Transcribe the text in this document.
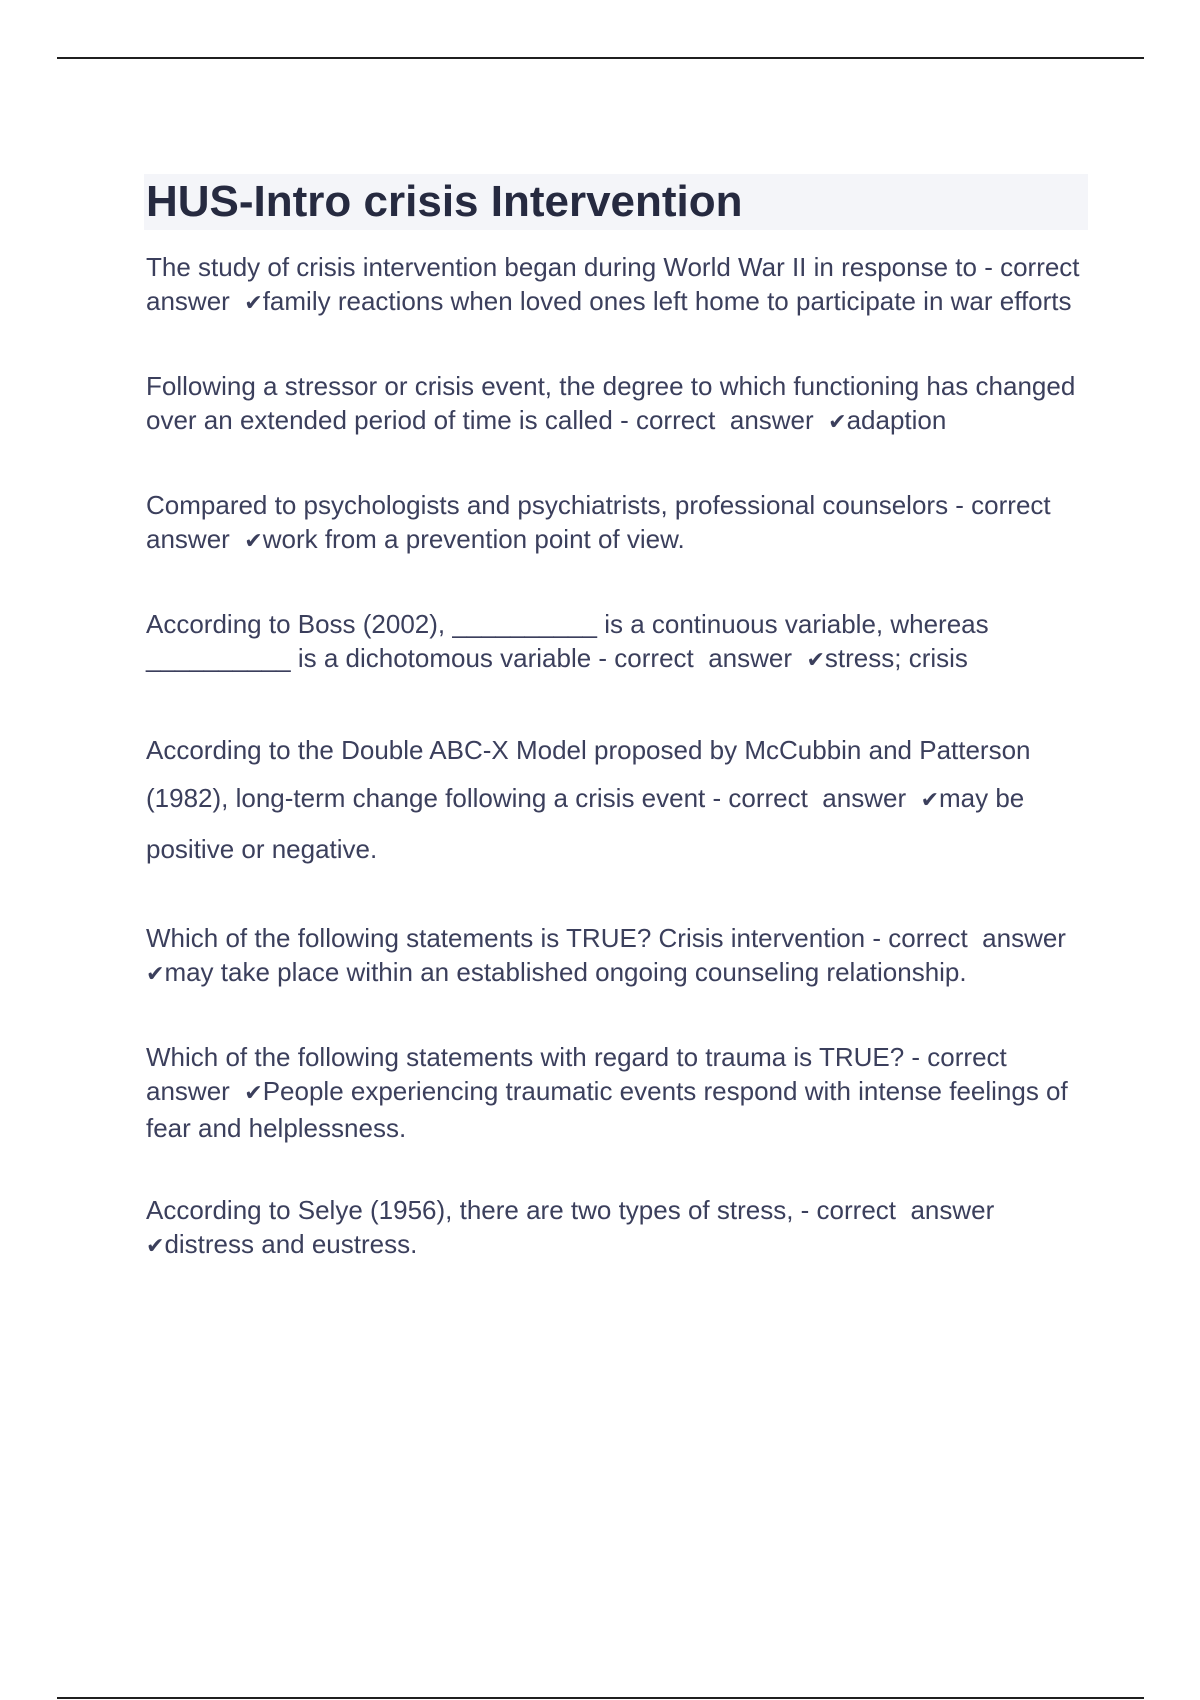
HUS-Intro crisis Intervention
The study of crisis intervention began during World War II in response to - correct  answer  ✔family reactions when loved ones left home to participate in war efforts
Following a stressor or crisis event, the degree to which functioning has changed over an extended period of time is called - correct  answer  ✔adaption
Compared to psychologists and psychiatrists, professional counselors - correct  answer  ✔work from a prevention point of view.
According to Boss (2002), __________ is a continuous variable, whereas __________ is a dichotomous variable - correct  answer  ✔stress; crisis
According to the Double ABC-X Model proposed by McCubbin and Patterson (1982), long-term change following a crisis event - correct  answer  ✔may be positive or negative.
Which of the following statements is TRUE? Crisis intervention - correct  answer  ✔may take place within an established ongoing counseling relationship.
Which of the following statements with regard to trauma is TRUE? - correct  answer  ✔People experiencing traumatic events respond with intense feelings of fear and helplessness.
According to Selye (1956), there are two types of stress, - correct  answer  ✔distress and eustress.
